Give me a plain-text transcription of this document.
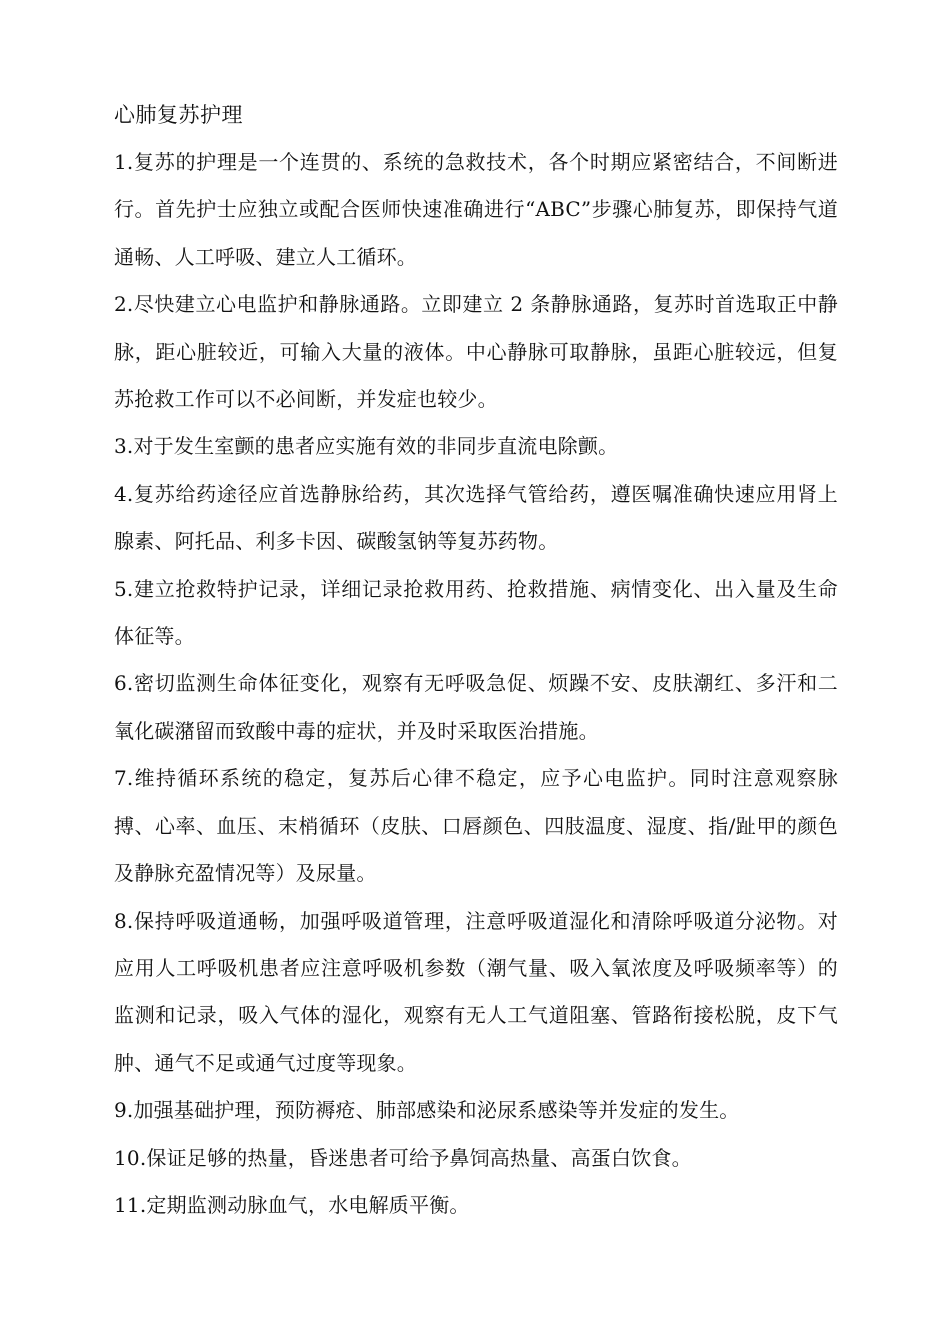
心肺复苏护理

1.复苏的护理是一个连贯的、系统的急救技术，各个时期应紧密结合，不间断进行。首先护士应独立或配合医师快速准确进行“ABC”步骤心肺复苏，即保持气道通畅、人工呼吸、建立人工循环。

2.尽快建立心电监护和静脉通路。立即建立 2 条静脉通路，复苏时首选取正中静脉，距心脏较近，可输入大量的液体。中心静脉可取静脉，虽距心脏较远，但复苏抢救工作可以不必间断，并发症也较少。

3.对于发生室颤的患者应实施有效的非同步直流电除颤。

4.复苏给药途径应首选静脉给药，其次选择气管给药，遵医嘱准确快速应用肾上腺素、阿托品、利多卡因、碳酸氢钠等复苏药物。

5.建立抢救特护记录，详细记录抢救用药、抢救措施、病情变化、出入量及生命体征等。

6.密切监测生命体征变化，观察有无呼吸急促、烦躁不安、皮肤潮红、多汗和二氧化碳潴留而致酸中毒的症状，并及时采取医治措施。

7.维持循环系统的稳定，复苏后心律不稳定，应予心电监护。同时注意观察脉搏、心率、血压、末梢循环（皮肤、口唇颜色、四肢温度、湿度、指/趾甲的颜色及静脉充盈情况等）及尿量。

8.保持呼吸道通畅，加强呼吸道管理，注意呼吸道湿化和清除呼吸道分泌物。对应用人工呼吸机患者应注意呼吸机参数（潮气量、吸入氧浓度及呼吸频率等）的监测和记录，吸入气体的湿化，观察有无人工气道阻塞、管路衔接松脱，皮下气肿、通气不足或通气过度等现象。

9.加强基础护理，预防褥疮、肺部感染和泌尿系感染等并发症的发生。

10.保证足够的热量，昏迷患者可给予鼻饲高热量、高蛋白饮食。

11.定期监测动脉血气，水电解质平衡。
